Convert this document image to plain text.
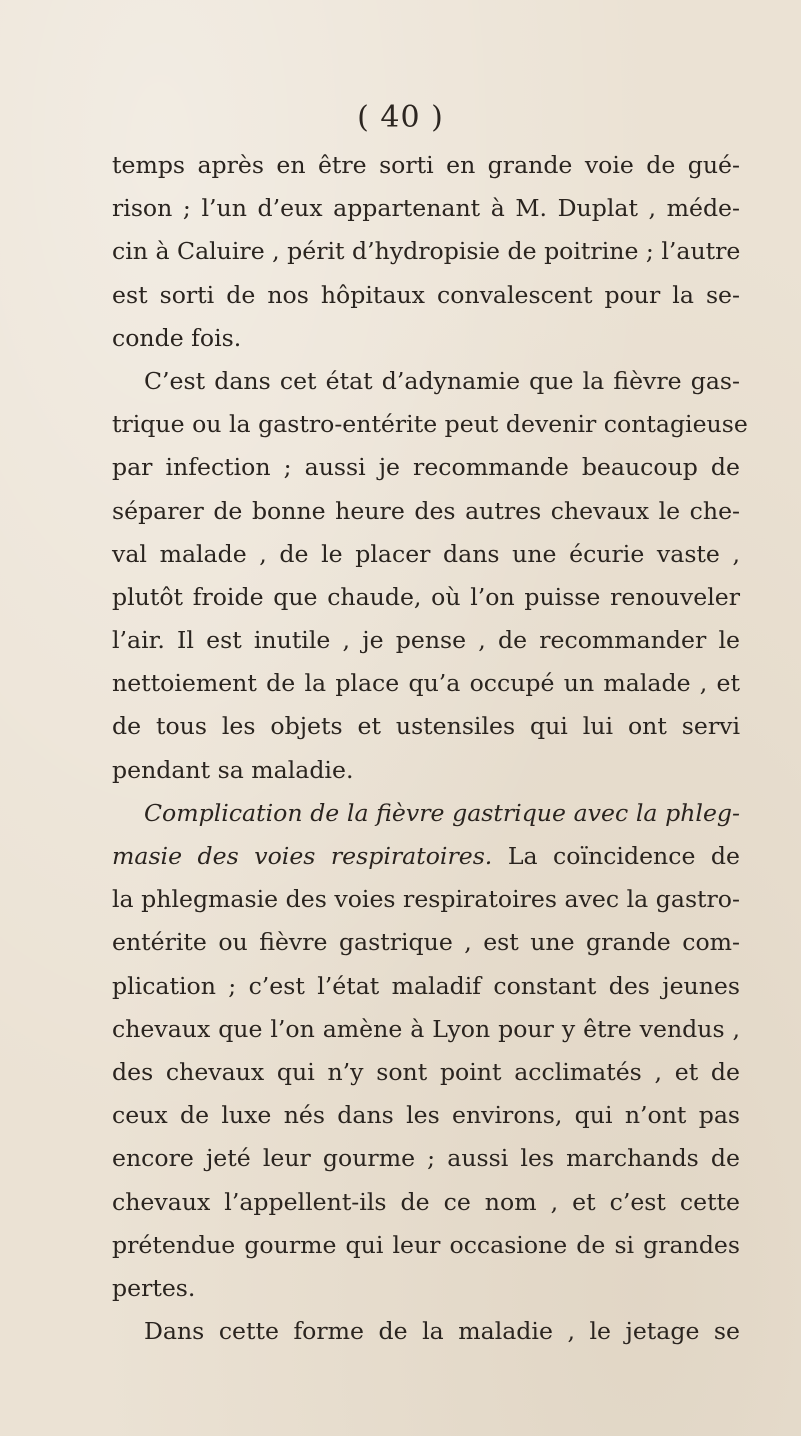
( 40 )
temps après en être sorti en grande voie de gué-
rison ; l’un d’eux appartenant à M. Duplat , méde-
cin à Caluire , périt d’hydropisie de poitrine ; l’autre
est sorti de nos hôpitaux convalescent pour la se-
conde fois.
C’est dans cet état d’adynamie que la fièvre gas-
trique ou la gastro-entérite peut devenir contagieuse
par infection ; aussi je recommande beaucoup de
séparer de bonne heure des autres chevaux le che-
val malade , de le placer dans une écurie vaste ,
plutôt froide que chaude, où l’on puisse renouveler
l’air. Il est inutile , je pense , de recommander le
nettoiement de la place qu’a occupé un malade , et
de tous les objets et ustensiles qui lui ont servi
pendant sa maladie.
Complication de la fièvre gastrique avec la phleg-
masie des voies respiratoires. La coïncidence de
la phlegmasie des voies respiratoires avec la gastro-
entérite ou fièvre gastrique , est une grande com-
plication ; c’est l’état maladif constant des jeunes
chevaux que l’on amène à Lyon pour y être vendus ,
des chevaux qui n’y sont point acclimatés , et de
ceux de luxe nés dans les environs, qui n’ont pas
encore jeté leur gourme ; aussi les marchands de
chevaux l’appellent-ils de ce nom , et c’est cette
prétendue gourme qui leur occasione de si grandes
pertes.
Dans cette forme de la maladie , le jetage se
